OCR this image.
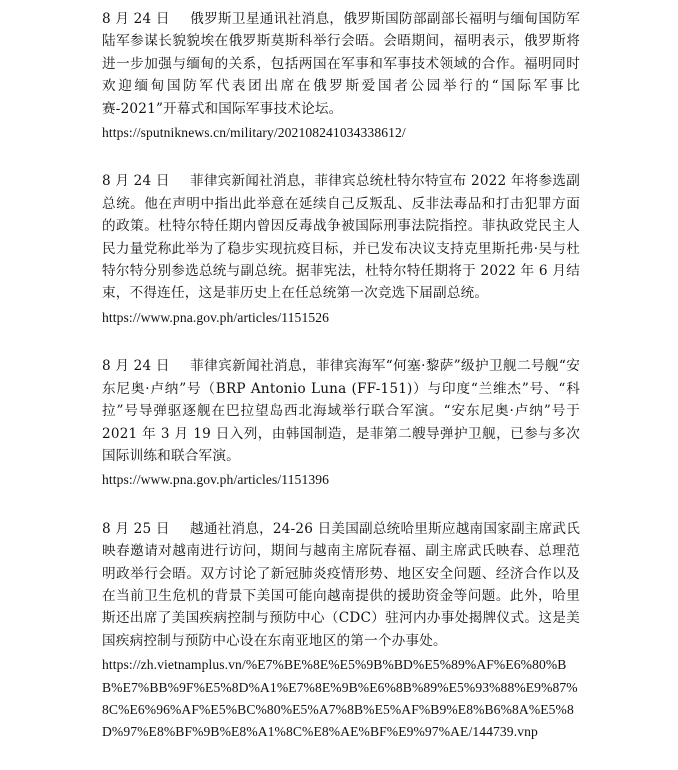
8 月 24 日 俄罗斯卫星通讯社消息，俄罗斯国防部副部长福明与缅甸国防军陆军参谋长貌貌埃在俄罗斯莫斯科举行会晤。会晤期间，福明表示，俄罗斯将进一步加强与缅甸的关系，包括两国在军事和军事技术领域的合作。福明同时欢迎缅甸国防军代表团出席在俄罗斯爱国者公园举行的“国际军事比赛-2021”开幕式和国际军事技术论坛。

https://sputniknews.cn/military/202108241034338612/

8 月 24 日 菲律宾新闻社消息，菲律宾总统杜特尔特宣布 2022 年将参选副总统。他在声明中指出此举意在延续自己反叛乱、反非法毒品和打击犯罪方面的政策。杜特尔特任期内曾因反毒战争被国际刑事法院指控。菲执政党民主人民力量党称此举为了稳步实现抗疫目标，并已发布决议支持克里斯托弗·吴与杜特尔特分别参选总统与副总统。据菲宪法，杜特尔特任期将于 2022 年 6 月结束，不得连任，这是菲历史上在任总统第一次竞选下届副总统。

https://www.pna.gov.ph/articles/1151526

8 月 24 日 菲律宾新闻社消息，菲律宾海军“何塞·黎萨”级护卫舰二号舰“安东尼奥·卢纳”号（BRP Antonio Luna (FF-151)）与印度“兰维杰”号、“科拉”号导弹驱逐舰在巴拉望岛西北海域举行联合军演。“安东尼奥·卢纳”号于 2021 年 3 月 19 日入列，由韩国制造，是菲第二艘导弹护卫舰，已参与多次国际训练和联合军演。

https://www.pna.gov.ph/articles/1151396

8 月 25 日 越通社消息，24-26 日美国副总统哈里斯应越南国家副主席武氏映春邀请对越南进行访问，期间与越南主席阮春福、副主席武氏映春、总理范明政举行会晤。双方讨论了新冠肺炎疫情形势、地区安全问题、经济合作以及在当前卫生危机的背景下美国可能向越南提供的援助资金等问题。此外，哈里斯还出席了美国疾病控制与预防中心（CDC）驻河内办事处揭牌仪式。这是美国疾病控制与预防中心设在东南亚地区的第一个办事处。

https://zh.vietnamplus.vn/%E7%BE%8E%E5%9B%BD%E5%89%AF%E6%80%BB%E7%BB%9F%E5%8D%A1%E7%8E%9B%E6%8B%89%E5%93%88%E9%87%8C%E6%96%AF%E5%BC%80%E5%A7%8B%E5%AF%B9%E8%B6%8A%E5%8D%97%E8%BF%9B%E8%A1%8C%E8%AE%BF%E9%97%AE/144739.vnp
